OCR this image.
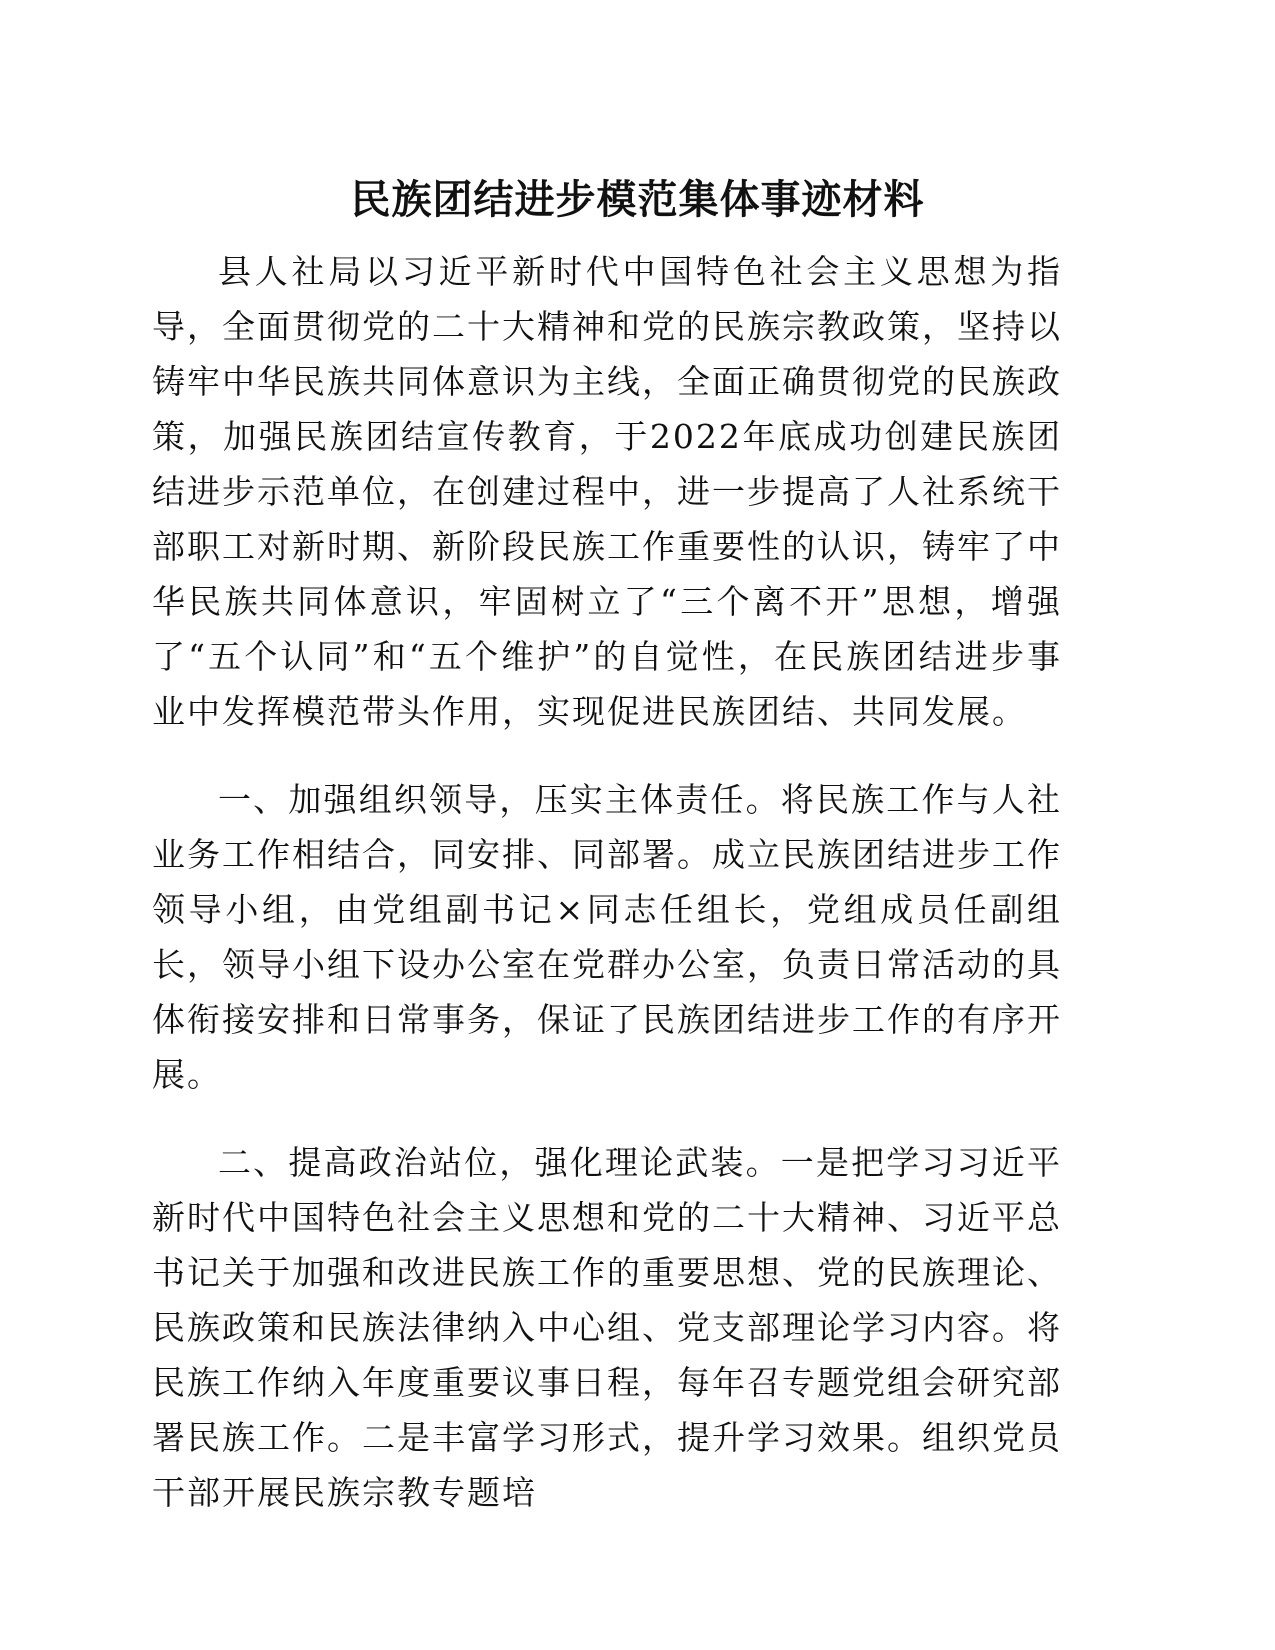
民族团结进步模范集体事迹材料

县人社局以习近平新时代中国特色社会主义思想为指导，全面贯彻党的二十大精神和党的民族宗教政策，坚持以铸牢中华民族共同体意识为主线，全面正确贯彻党的民族政策，加强民族团结宣传教育，于2022年底成功创建民族团结进步示范单位，在创建过程中，进一步提高了人社系统干部职工对新时期、新阶段民族工作重要性的认识，铸牢了中华民族共同体意识，牢固树立了“三个离不开”思想，增强了“五个认同”和“五个维护”的自觉性，在民族团结进步事业中发挥模范带头作用，实现促进民族团结、共同发展。

一、加强组织领导，压实主体责任。将民族工作与人社业务工作相结合，同安排、同部署。成立民族团结进步工作领导小组，由党组副书记×同志任组长，党组成员任副组长，领导小组下设办公室在党群办公室，负责日常活动的具体衔接安排和日常事务，保证了民族团结进步工作的有序开展。

二、提高政治站位，强化理论武装。一是把学习习近平新时代中国特色社会主义思想和党的二十大精神、习近平总书记关于加强和改进民族工作的重要思想、党的民族理论、民族政策和民族法律纳入中心组、党支部理论学习内容。将民族工作纳入年度重要议事日程，每年召专题党组会研究部署民族工作。二是丰富学习形式，提升学习效果。组织党员干部开展民族宗教专题培
